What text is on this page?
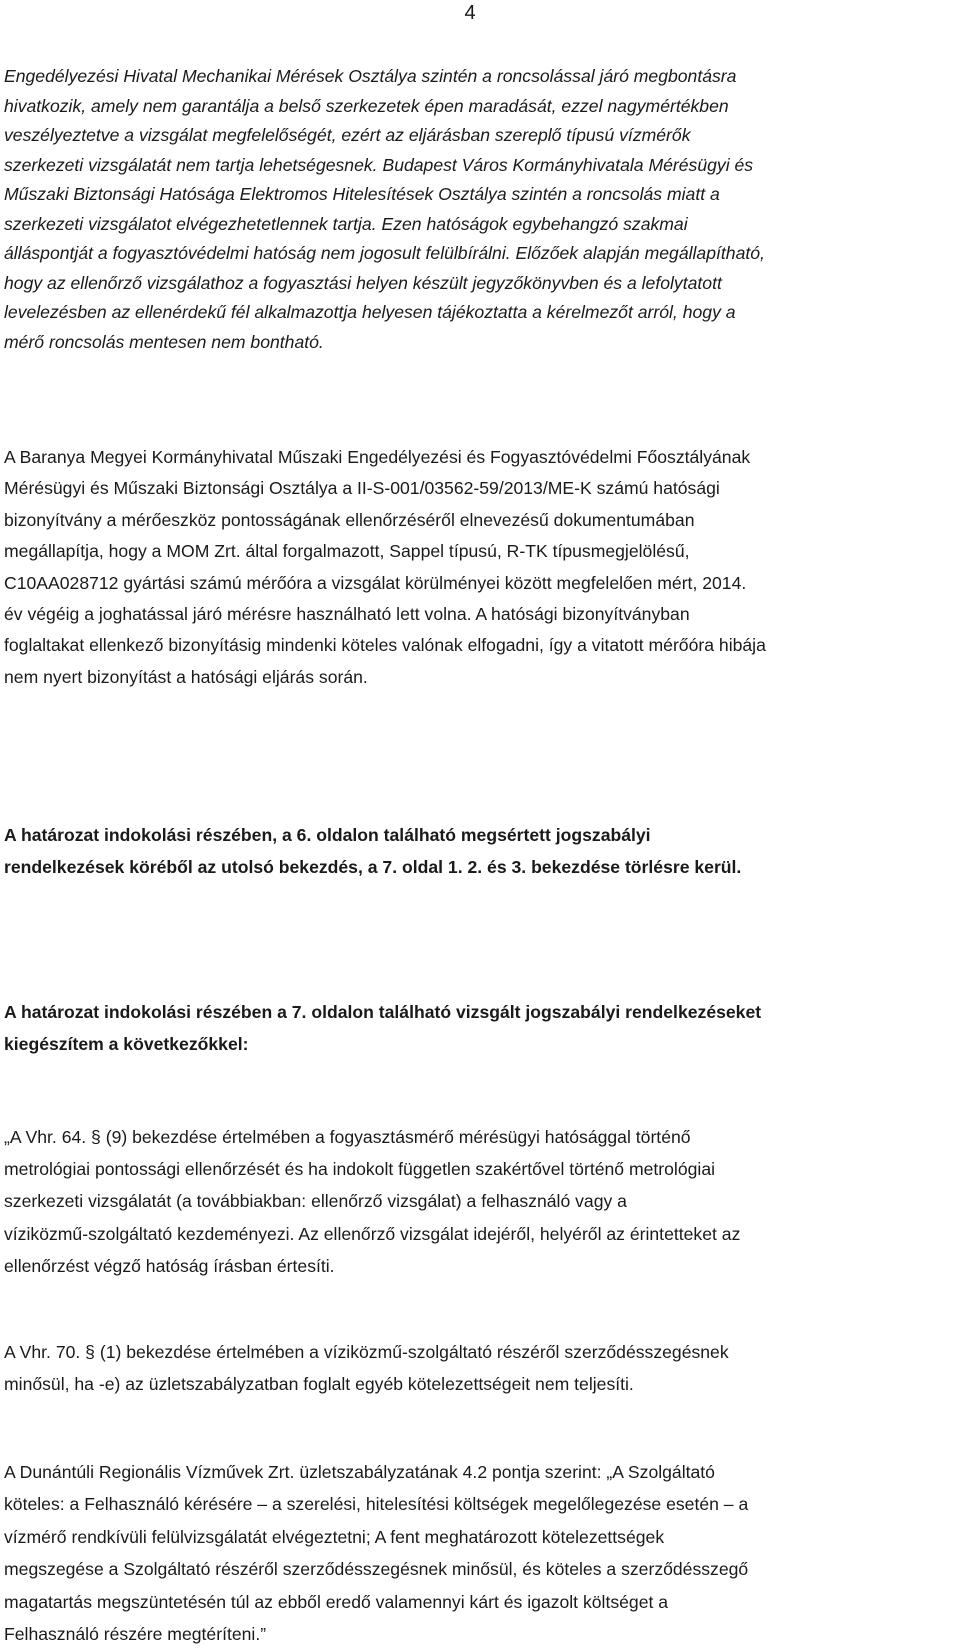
4
Engedélyezési Hivatal Mechanikai Mérések Osztálya szintén a roncsolással járó megbontásra
hivatkozik, amely nem garantálja a belső szerkezetek épen maradását, ezzel nagymértékben
veszélyeztetve a vizsgálat megfelelőségét, ezért az eljárásban szereplő típusú vízmérők
szerkezeti vizsgálatát nem tartja lehetségesnek. Budapest Város Kormányhivatala Mérésügyi és
Műszaki Biztonsági Hatósága Elektromos Hitelesítések Osztálya szintén a roncsolás miatt a
szerkezeti vizsgálatot elvégezhetetlennek tartja. Ezen hatóságok egybehangzó szakmai
álláspontját a fogyasztóvédelmi hatóság nem jogosult felülbírálni. Előzőek alapján megállapítható,
hogy az ellenőrző vizsgálathoz a fogyasztási helyen készült jegyzőkönyvben és a lefolytatott
levelezésben az ellenérdekű fél alkalmazottja helyesen tájékoztatta a kérelmezőt arról, hogy a
mérő roncsolás mentesen nem bontható.
A Baranya Megyei Kormányhivatal Műszaki Engedélyezési és Fogyasztóvédelmi Főosztályának
Mérésügyi és Műszaki Biztonsági Osztálya a II-S-001/03562-59/2013/ME-K számú hatósági
bizonyítvány a mérőeszköz pontosságának ellenőrzéséről elnevezésű dokumentumában
megállapítja, hogy a MOM Zrt. által forgalmazott, Sappel típusú, R-TK típusmegjelölésű,
C10AA028712 gyártási számú mérőóra a vizsgálat körülményei között megfelelően mért, 2014.
év végéig a joghatással járó mérésre használható lett volna. A hatósági bizonyítványban
foglaltakat ellenkező bizonyításig mindenki köteles valónak elfogadni, így a vitatott mérőóra hibája
nem nyert bizonyítást a hatósági eljárás során.
A határozat indokolási részében, a 6. oldalon található megsértett jogszabályi
rendelkezések köréből az utolsó bekezdés, a 7. oldal 1. 2. és 3. bekezdése törlésre kerül.
A határozat indokolási részében a 7. oldalon található vizsgált jogszabályi rendelkezéseket
kiegészítem a következőkkel:
„A Vhr. 64. § (9) bekezdése értelmében a fogyasztásmérő mérésügyi hatósággal történő
metrológiai pontossági ellenőrzését és ha indokolt független szakértővel történő metrológiai
szerkezeti vizsgálatát (a továbbiakban: ellenőrző vizsgálat) a felhasználó vagy a
víziközmű-szolgáltató kezdeményezi. Az ellenőrző vizsgálat idejéről, helyéről az érintetteket az
ellenőrzést végző hatóság írásban értesíti.
A Vhr. 70. § (1) bekezdése értelmében a víziközmű-szolgáltató részéről szerződésszegésnek
minősül, ha -e) az üzletszabályzatban foglalt egyéb kötelezettségeit nem teljesíti.
A Dunántúli Regionális Vízművek Zrt. üzletszabályzatának 4.2 pontja szerint: „A Szolgáltató
köteles: a Felhasználó kérésére – a szerelési, hitelesítési költségek megelőlegezése esetén – a
vízmérő rendkívüli felülvizsgálatát elvégeztetni; A fent meghatározott kötelezettségek
megszegése a Szolgáltató részéről szerződésszegésnek minősül, és köteles a szerződésszegő
magatartás megszüntetésén túl az ebből eredő valamennyi kárt és igazolt költséget a
Felhasználó részére megtéríteni.”
